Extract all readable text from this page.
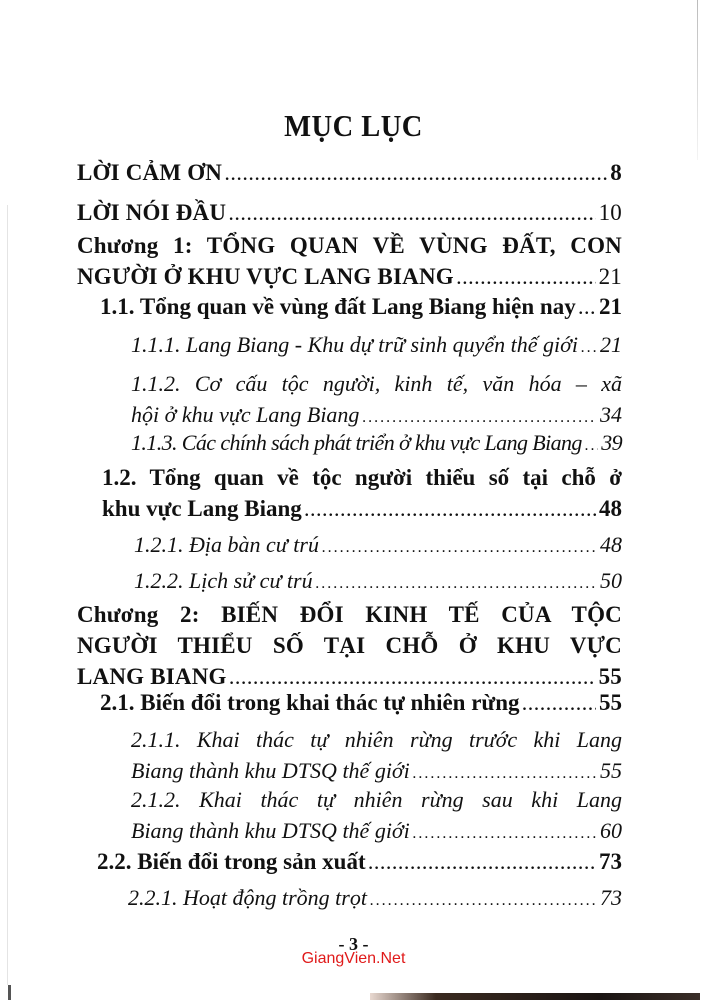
MỤC LỤC
LỜI CẢM ƠN .....	8
LỜI NÓI ĐẦU .....	10
Chương 1: TỔNG QUAN VỀ VÙNG ĐẤT, CON
NGƯỜI Ở KHU VỰC LANG BIANG .....	21
1.1. Tổng quan về vùng đất Lang Biang hiện nay ..... 21
1.1.1. Lang Biang - Khu dự trữ sinh quyển thế giới ..... 21
1.1.2. Cơ cấu tộc người, kinh tế, văn hóa – xã
hội ở khu vực Lang Biang .....	34
1.1.3. Các chính sách phát triển ở khu vực Lang Biang ..... 39
1.2. Tổng quan về tộc người thiểu số tại chỗ ở
khu vực Lang Biang .....	48
1.2.1. Địa bàn cư trú .....	48
1.2.2. Lịch sử cư trú .....	50
Chương 2: BIẾN ĐỔI KINH TẾ CỦA TỘC
NGƯỜI THIỂU SỐ TẠI CHỖ Ở KHU VỰC
LANG BIANG .....	55
2.1. Biến đổi trong khai thác tự nhiên rừng .....	55
2.1.1. Khai thác tự nhiên rừng trước khi Lang
Biang thành khu DTSQ thế giới .....	55
2.1.2. Khai thác tự nhiên rừng sau khi Lang
Biang thành khu DTSQ thế giới .....	60
2.2. Biến đổi trong sản xuất .....	73
2.2.1. Hoạt động trồng trọt .....	73
- 3 -
GiangVien.Net
